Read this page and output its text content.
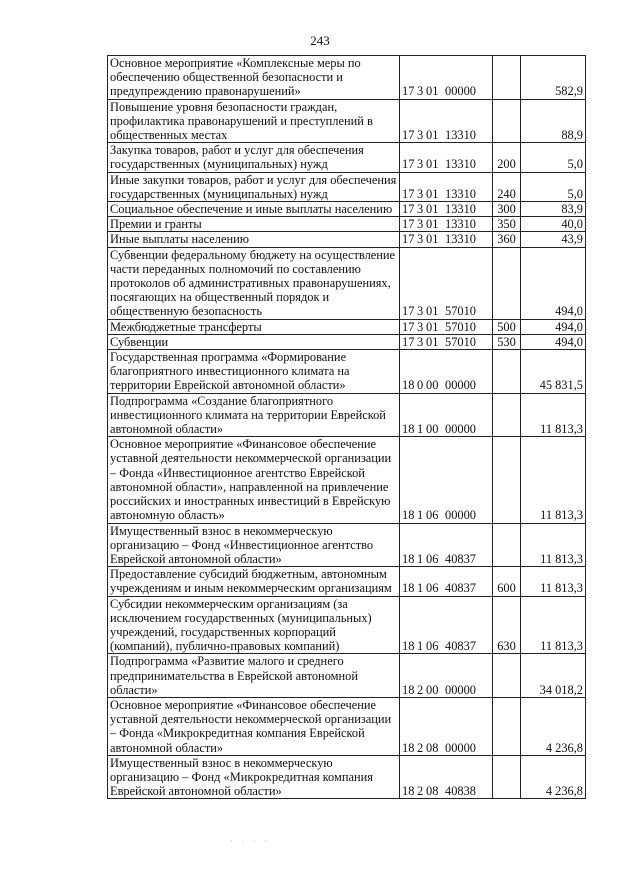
243
Основное мероприятие «Комплексные меры по обеспечению общественной безопасности и предупреждению правонарушений»	17 3 01 00000		582,9
Повышение уровня безопасности граждан, профилактика правонарушений и преступлений в общественных местах	17 3 01 13310		88,9
Закупка товаров, работ и услуг для обеспечения государственных (муниципальных) нужд	17 3 01 13310	200	5,0
Иные закупки товаров, работ и услуг для обеспечения государственных (муниципальных) нужд	17 3 01 13310	240	5,0
Социальное обеспечение и иные выплаты населению	17 3 01 13310	300	83,9
Премии и гранты	17 3 01 13310	350	40,0
Иные выплаты населению	17 3 01 13310	360	43,9
Субвенции федеральному бюджету на осуществление части переданных полномочий по составлению протоколов об административных правонарушениях, посягающих на общественный порядок и общественную безопасность	17 3 01 57010		494,0
Межбюджетные трансферты	17 3 01 57010	500	494,0
Субвенции	17 3 01 57010	530	494,0
Государственная программа «Формирование благоприятного инвестиционного климата на территории Еврейской автономной области»	18 0 00 00000		45 831,5
Подпрограмма «Создание благоприятного инвестиционного климата на территории Еврейской автономной области»	18 1 00 00000		11 813,3
Основное мероприятие «Финансовое обеспечение уставной деятельности некоммерческой организации – Фонда «Инвестиционное агентство Еврейской автономной области», направленной на привлечение российских и иностранных инвестиций в Еврейскую автономную область»	18 1 06 00000		11 813,3
Имущественный взнос в некоммерческую организацию – Фонд «Инвестиционное агентство Еврейской автономной области»	18 1 06 40837		11 813,3
Предоставление субсидий бюджетным, автономным учреждениям и иным некоммерческим организациям	18 1 06 40837	600	11 813,3
Субсидии некоммерческим организациям (за исключением государственных (муниципальных) учреждений, государственных корпораций (компаний), публично-правовых компаний)	18 1 06 40837	630	11 813,3
Подпрограмма «Развитие малого и среднего предпринимательства в Еврейской автономной области»	18 2 00 00000		34 018,2
Основное мероприятие «Финансовое обеспечение уставной деятельности некоммерческой организации – Фонда «Микрокредитная компания Еврейской автономной области»	18 2 08 00000		4 236,8
Имущественный взнос в некоммерческую организацию – Фонд «Микрокредитная компания Еврейской автономной области»	18 2 08 40838		4 236,8
· · · ·
